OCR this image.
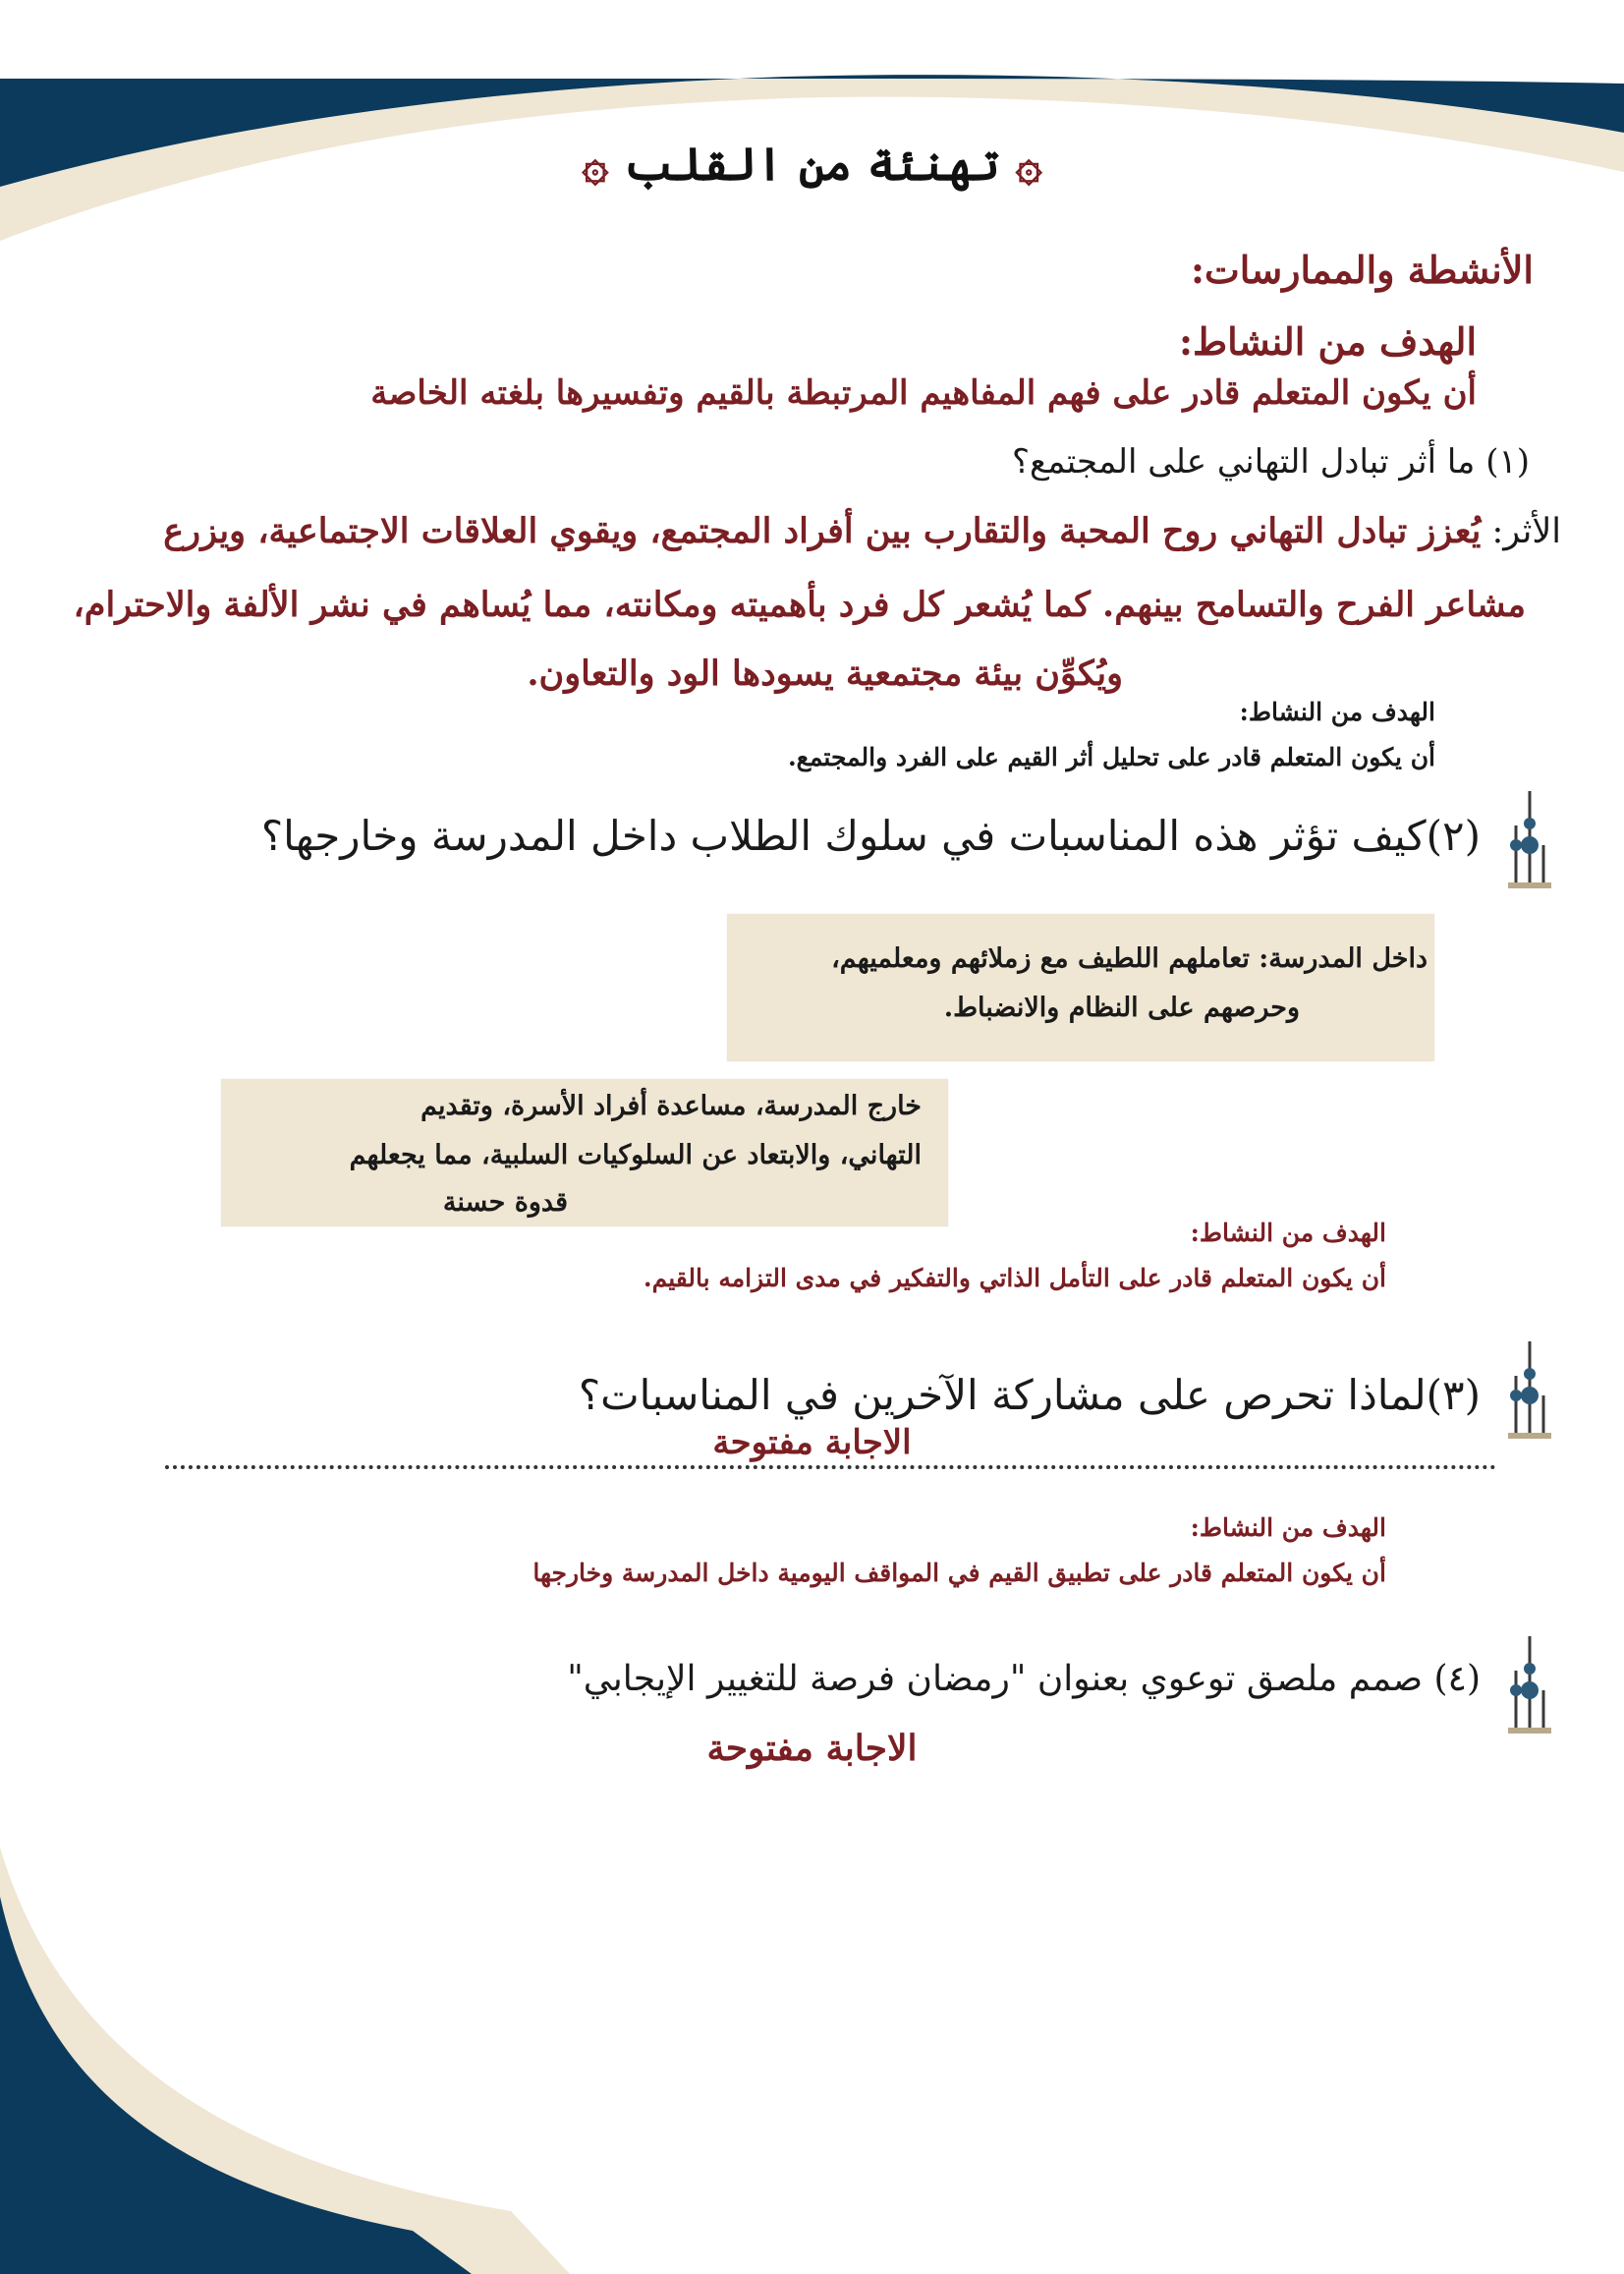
۞ تهنئة من القلب ۞
الأنشطة والممارسات:
الهدف من النشاط:
أن يكون المتعلم قادر على فهم المفاهيم المرتبطة بالقيم وتفسيرها بلغته الخاصة
(١) ما أثر تبادل التهاني على المجتمع؟
الأثر: يُعزز تبادل التهاني روح المحبة والتقارب بين أفراد المجتمع، ويقوي العلاقات الاجتماعية، ويزرع
مشاعر الفرح والتسامح بينهم. كما يُشعر كل فرد بأهميته ومكانته، مما يُساهم في نشر الألفة والاحترام،
ويُكوِّن بيئة مجتمعية يسودها الود والتعاون.
الهدف من النشاط:
أن يكون المتعلم قادر على تحليل أثر القيم على الفرد والمجتمع.
(٢)كيف تؤثر هذه المناسبات في سلوك الطلاب داخل المدرسة وخارجها؟
داخل المدرسة: تعاملهم اللطيف مع زملائهم ومعلميهم،
وحرصهم على النظام والانضباط.
خارج المدرسة، مساعدة أفراد الأسرة، وتقديم
التهاني، والابتعاد عن السلوكيات السلبية، مما يجعلهم
قدوة حسنة
الهدف من النشاط:
أن يكون المتعلم قادر على التأمل الذاتي والتفكير في مدى التزامه بالقيم.
(٣)لماذا تحرص على مشاركة الآخرين في المناسبات؟
الاجابة مفتوحة
الهدف من النشاط:
أن يكون المتعلم قادر على تطبيق القيم في المواقف اليومية داخل المدرسة وخارجها
(٤) صمم ملصق توعوي بعنوان "رمضان فرصة للتغيير الإيجابي"
الاجابة مفتوحة
